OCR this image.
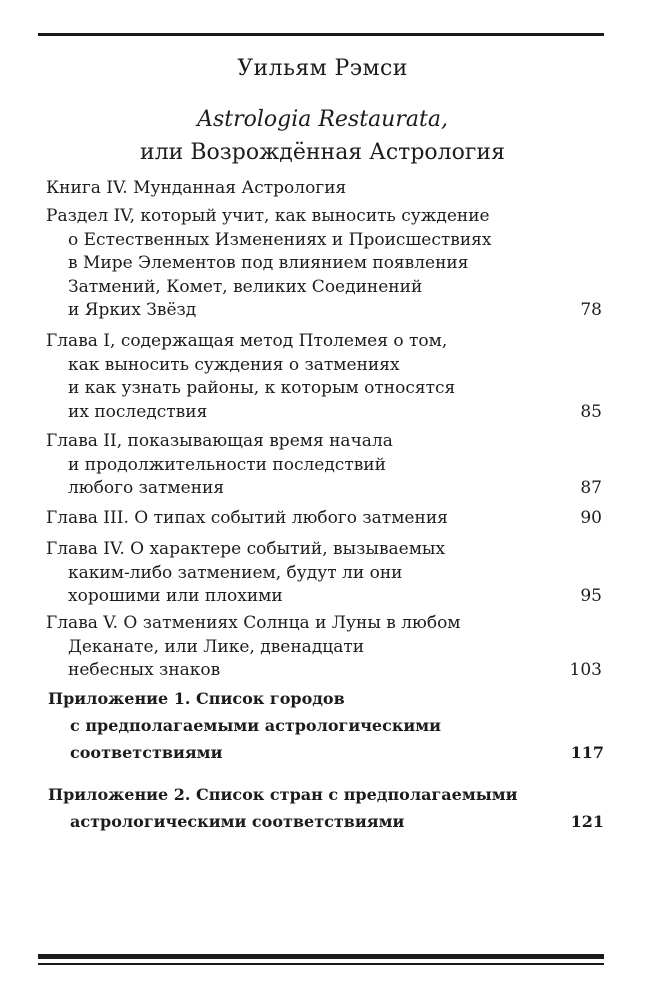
Уильям Рэмси
Astrologia Restaurata,
или Возрождённая Астрология
Книга IV. Мунданная Астрология
Раздел IV, который учит, как выносить суждение
о Естественных Изменениях и Происшествиях
в Мире Элементов под влиянием появления
Затмений, Комет, великих Соединений
и Ярких Звёзд	78
Глава I, содержащая метод Птолемея о том,
как выносить суждения о затмениях
и как узнать районы, к которым относятся
их последствия	85
Глава II, показывающая время начала
и продолжительности последствий
любого затмения	87
Глава III. О типах событий любого затмения	90
Глава IV. О характере событий, вызываемых
каким-либо затмением, будут ли они
хорошими или плохими	95
Глава V. О затмениях Солнца и Луны в любом
Деканате, или Лике, двенадцати
небесных знаков	103
Приложение 1. Список городов
с предполагаемыми астрологическими
соответствиями	117
Приложение 2. Список стран с предполагаемыми
астрологическими соответствиями	121
